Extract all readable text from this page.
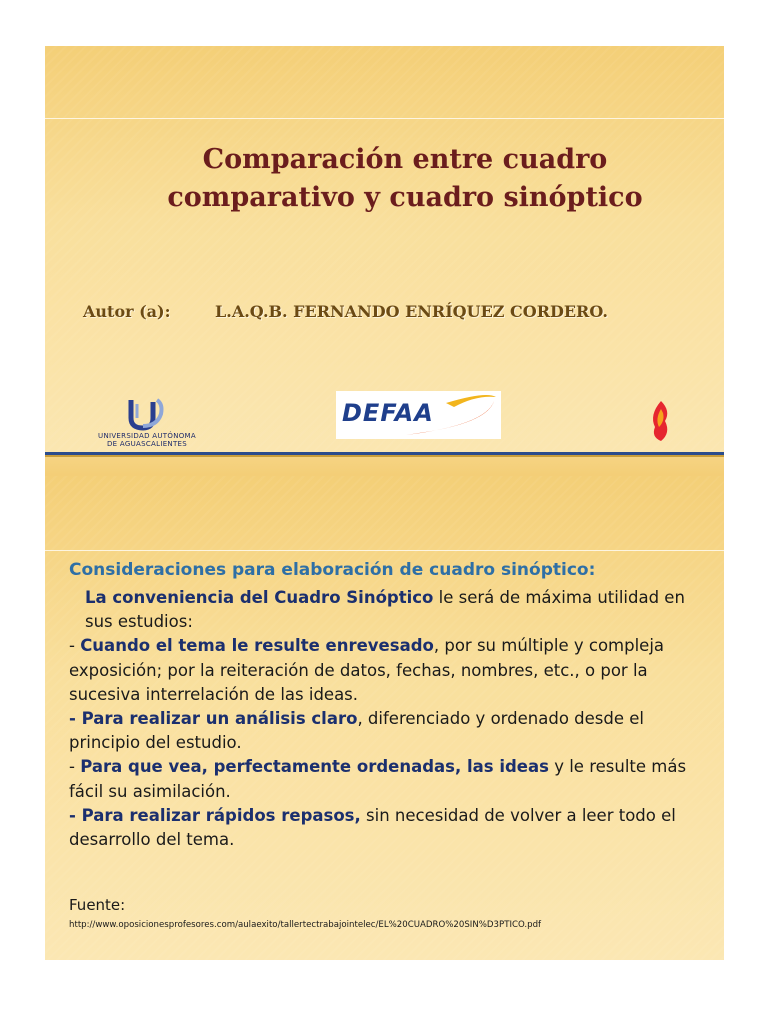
Comparación entre cuadro
comparativo y cuadro sinóptico

Autor (a):	L.A.Q.B. FERNANDO ENRÍQUEZ CORDERO.

UNIVERSIDAD AUTÓNOMA
DE AGUASCALIENTES
DEFAA
Consideraciones para elaboración de cuadro sinóptico:

La conveniencia del Cuadro Sinóptico le será de máxima utilidad en sus estudios:

- Cuando el tema le resulte enrevesado, por su múltiple y compleja exposición; por la reiteración de datos, fechas, nombres, etc., o por la sucesiva interrelación de las ideas.

- Para realizar un análisis claro, diferenciado y ordenado desde el principio del estudio.

- Para que vea, perfectamente ordenadas, las ideas y le resulte más fácil su asimilación.

- Para realizar rápidos repasos, sin necesidad de volver a leer todo el desarrollo del tema.

Fuente:

http://www.oposicionesprofesores.com/aulaexito/tallertectrabajointelec/EL%20CUADRO%20SIN%D3PTICO.pdf
